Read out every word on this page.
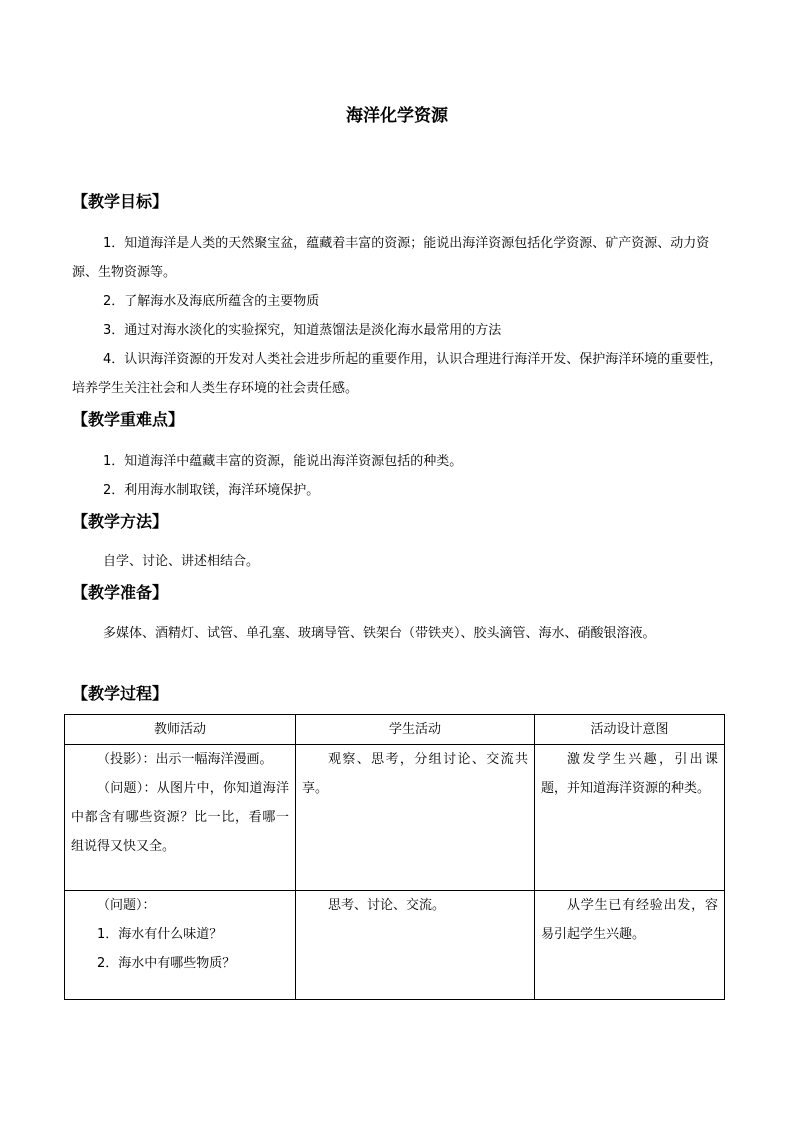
海洋化学资源
【教学目标】

1．知道海洋是人类的天然聚宝盆，蕴藏着丰富的资源；能说出海洋资源包括化学资源、矿产资源、动力资源、生物资源等。

2．了解海水及海底所蕴含的主要物质

3．通过对海水淡化的实验探究，知道蒸馏法是淡化海水最常用的方法

4．认识海洋资源的开发对人类社会进步所起的重要作用，认识合理进行海洋开发、保护海洋环境的重要性，培养学生关注社会和人类生存环境的社会责任感。

【教学重难点】

1．知道海洋中蕴藏丰富的资源，能说出海洋资源包括的种类。

2．利用海水制取镁，海洋环境保护。

【教学方法】

自学、讨论、讲述相结合。

【教学准备】

多媒体、酒精灯、试管、单孔塞、玻璃导管、铁架台（带铁夹）、胶头滴管、海水、硝酸银溶液。

【教学过程】
教师活动	学生活动	活动设计意图

（投影）：出示一幅海洋漫画。
（问题）：从图片中，你知道海洋中都含有哪些资源？比一比，看哪一组说得又快又全。	观察、思考，分组讨论、交流共享。	激发学生兴趣，引出课题，并知道海洋资源的种类。

（问题）：
1．海水有什么味道？
2．海水中有哪些物质？	思考、讨论、交流。	从学生已有经验出发，容易引起学生兴趣。
